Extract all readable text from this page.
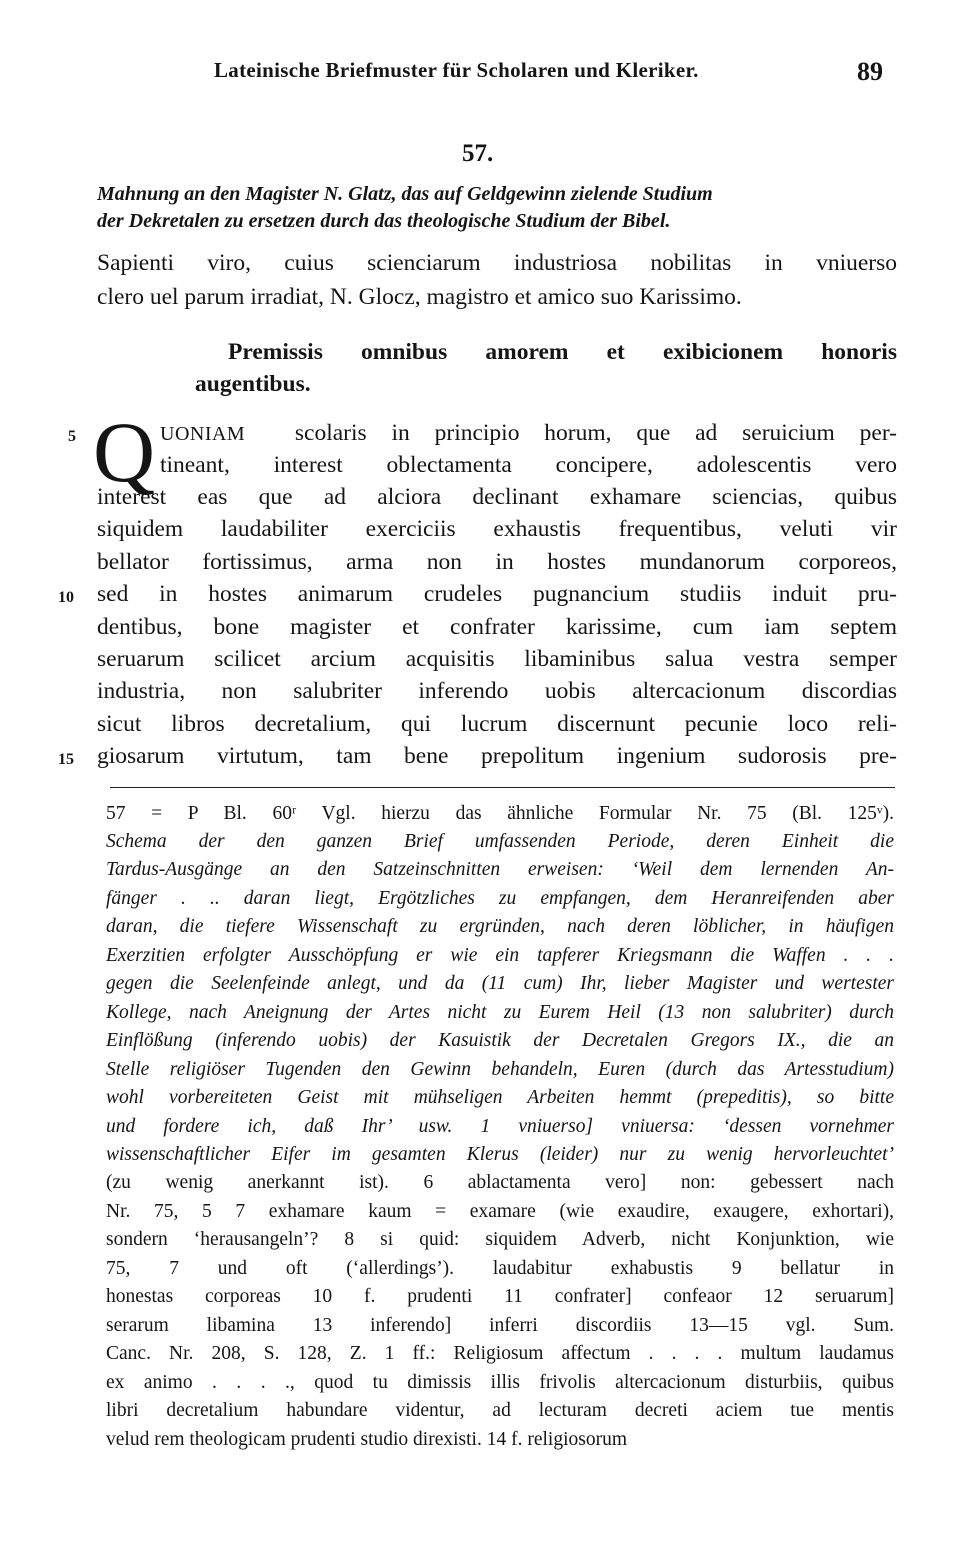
Lateinische Briefmuster für Scholaren und Kleriker.	89
57.
Mahnung an den Magister N. Glatz, das auf Geldgewinn zielende Studium
der Dekretalen zu ersetzen durch das theologische Studium der Bibel.
Sapienti viro, cuius scienciarum industriosa nobilitas in vniuerso
clero uel parum irradiat, N. Glocz, magistro et amico suo Karissimo.
Premissis omnibus amorem et exibicionem honoris
augentibus.
Q UONIAM scolaris in principio horum, que ad seruicium per-
tineant, interest oblectamenta concipere, adolescentis vero
interest eas que ad alciora declinant exhamare sciencias, quibus
siquidem laudabiliter exerciciis exhaustis frequentibus, veluti vir
bellator fortissimus, arma non in hostes mundanorum corporeos,
sed in hostes animarum crudeles pugnancium studiis induit pru-
dentibus, bone magister et confrater karissime, cum iam septem
seruarum scilicet arcium acquisitis libaminibus salua vestra semper
industria, non salubriter inferendo uobis altercacionum discordias
sicut libros decretalium, qui lucrum discernunt pecunie loco reli-
giosarum virtutum, tam bene prepolitum ingenium sudorosis pre-
5
10
15
57 = P Bl. 60ʳ Vgl. hierzu das ähnliche Formular Nr. 75 (Bl. 125ᵛ).
Schema der den ganzen Brief umfassenden Periode, deren Einheit die
Tardus-Ausgänge an den Satzeinschnitten erweisen: ‘Weil dem lernenden An-
fänger . .. daran liegt, Ergötzliches zu empfangen, dem Heranreifenden aber
daran, die tiefere Wissenschaft zu ergründen, nach deren löblicher, in häufigen
Exerzitien erfolgter Ausschöpfung er wie ein tapferer Kriegsmann die Waffen . . .
gegen die Seelenfeinde anlegt, und da (11 cum) Ihr, lieber Magister und wertester
Kollege, nach Aneignung der Artes nicht zu Eurem Heil (13 non salubriter) durch
Einflößung (inferendo uobis) der Kasuistik der Decretalen Gregors IX., die an
Stelle religiöser Tugenden den Gewinn behandeln, Euren (durch das Artesstudium)
wohl vorbereiteten Geist mit mühseligen Arbeiten hemmt (prepeditis), so bitte
und fordere ich, daß Ihr’ usw. 1 vniuerso] vniuersa: ‘dessen vornehmer
wissenschaftlicher Eifer im gesamten Klerus (leider) nur zu wenig hervorleuchtet’
(zu wenig anerkannt ist). 6 ablactamenta vero] non: gebessert nach
Nr. 75, 5 7 exhamare kaum = examare (wie exaudire, exaugere, exhortari),
sondern ‘herausangeln’? 8 si quid: siquidem Adverb, nicht Konjunktion, wie
75, 7 und oft (‘allerdings’). laudabitur exhabustis 9 bellatur in
honestas corporeas 10 f. prudenti 11 confrater] confeaor 12 seruarum]
serarum libamina 13 inferendo] inferri discordiis 13—15 vgl. Sum.
Canc. Nr. 208, S. 128, Z. 1 ff.: Religiosum affectum . . . . multum laudamus
ex animo . . . ., quod tu dimissis illis frivolis altercacionum disturbiis, quibus
libri decretalium habundare videntur, ad lecturam decreti aciem tue mentis
velud rem theologicam prudenti studio direxisti. 14 f. religiosorum
